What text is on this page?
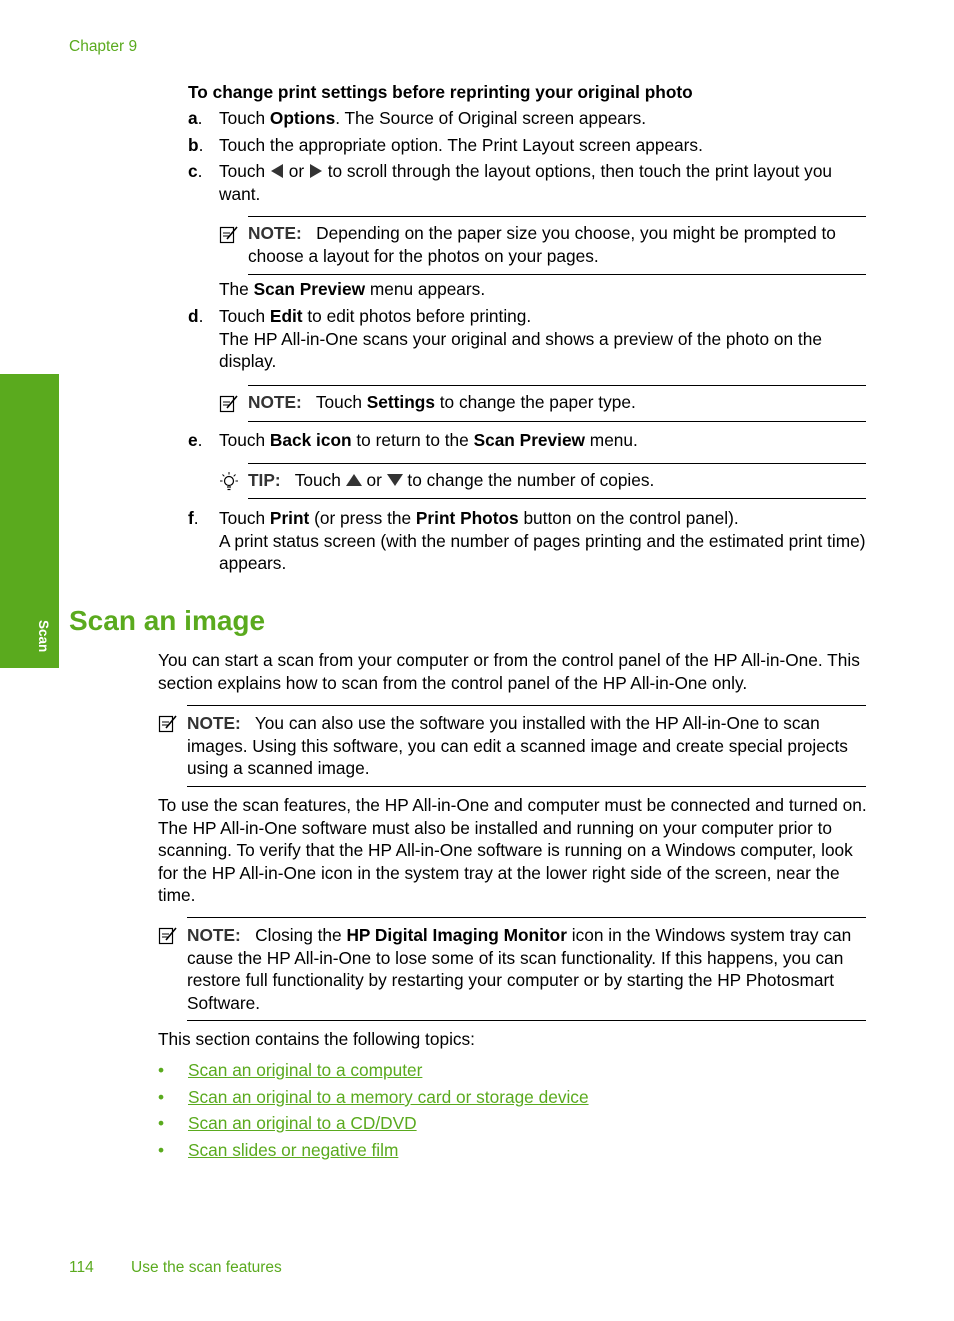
Chapter 9
Scan
To change print settings before reprinting your original photo
a. Touch Options. The Source of Original screen appears.
b. Touch the appropriate option. The Print Layout screen appears.
c. Touch  or  to scroll through the layout options, then touch the print layout you want.
NOTE: Depending on the paper size you choose, you might be prompted to choose a layout for the photos on your pages.
The Scan Preview menu appears.
d. Touch Edit to edit photos before printing.
The HP All-in-One scans your original and shows a preview of the photo on the display.
NOTE: Touch Settings to change the paper type.
e. Touch Back icon to return to the Scan Preview menu.
TIP: Touch  or  to change the number of copies.
f. Touch Print (or press the Print Photos button on the control panel).
A print status screen (with the number of pages printing and the estimated print time) appears.
Scan an image
You can start a scan from your computer or from the control panel of the HP All-in-One. This section explains how to scan from the control panel of the HP All-in-One only.
NOTE: You can also use the software you installed with the HP All-in-One to scan images. Using this software, you can edit a scanned image and create special projects using a scanned image.
To use the scan features, the HP All-in-One and computer must be connected and turned on. The HP All-in-One software must also be installed and running on your computer prior to scanning. To verify that the HP All-in-One software is running on a Windows computer, look for the HP All-in-One icon in the system tray at the lower right side of the screen, near the time.
NOTE: Closing the HP Digital Imaging Monitor icon in the Windows system tray can cause the HP All-in-One to lose some of its scan functionality. If this happens, you can restore full functionality by restarting your computer or by starting the HP Photosmart Software.
This section contains the following topics:
• Scan an original to a computer
• Scan an original to a memory card or storage device
• Scan an original to a CD/DVD
• Scan slides or negative film
114 Use the scan features
